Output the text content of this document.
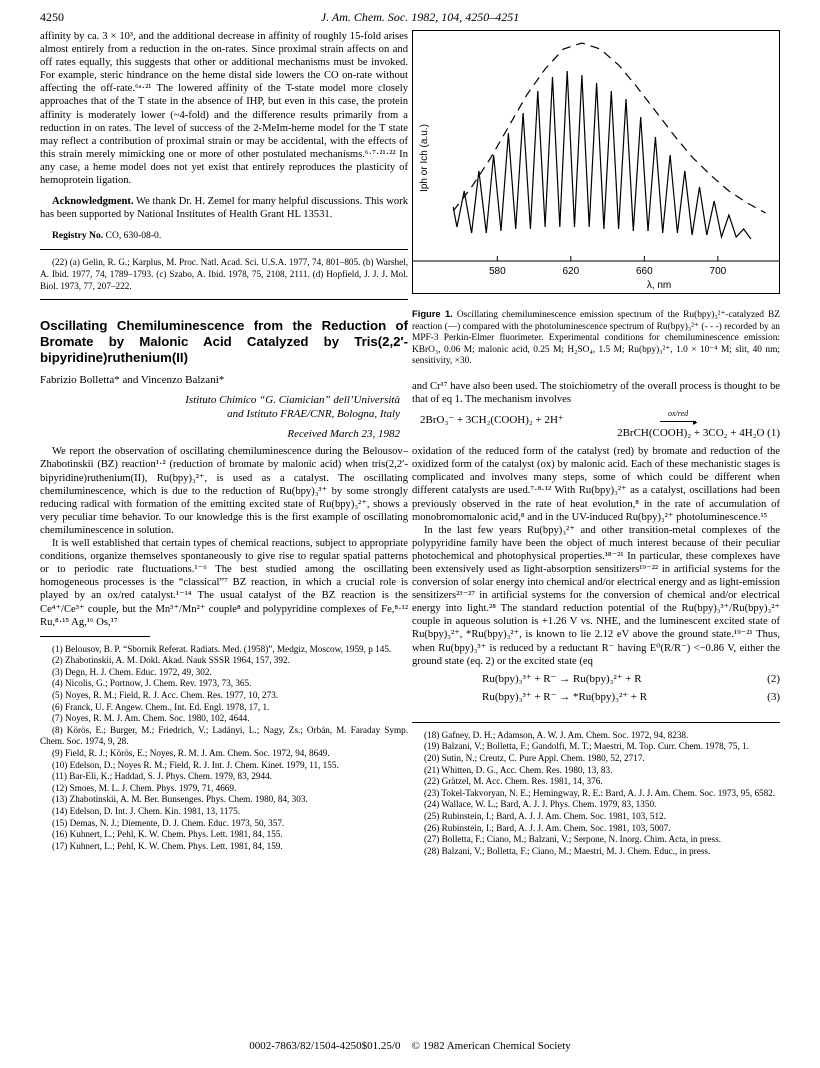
4250	J. Am. Chem. Soc. 1982, 104, 4250–4251

affinity by ca. 3 × 10³, and the additional decrease in affinity of roughly 15-fold arises almost entirely from a reduction in the on-rates. Since proximal strain affects on and off rates equally, this suggests that other or additional mechanisms must be invoked. For example, steric hindrance on the heme distal side lowers the CO on-rate without affecting the off-rate.⁶ᵃ·²¹ The lowered affinity of the T-state model more closely approaches that of the T state in the absence of IHP, but even in this case, the protein affinity is moderately lower (~4-fold) and the difference results primarily from a reduction in on rates. The level of success of the 2-MeIm-heme model for the T state may reflect a contribution of proximal strain or may be accidental, with the effects of this strain merely mimicking one or more of other postulated mechanisms.⁶·⁷·²¹·²² In any case, a heme model does not yet exist that entirely reproduces the plasticity of hemoprotein ligation.

Acknowledgment. We thank Dr. H. Zemel for many helpful discussions. This work has been supported by National Institutes of Health Grant HL 13531.

Registry No. CO, 630-08-0.

(22) (a) Gelin, R. G.; Karplus, M. Proc. Natl. Acad. Sci. U.S.A. 1977, 74, 801–805. (b) Warshel, A. Ibid. 1977, 74, 1789–1793. (c) Szabo, A. Ibid. 1978, 75, 2108, 2111. (d) Hopfield, J. J. J. Mol. Biol. 1973, 77, 207–222.

Oscillating Chemiluminescence from the Reduction of Bromate by Malonic Acid Catalyzed by Tris(2,2′-bipyridine)ruthenium(II)
Fabrizio Bolletta* and Vincenzo Balzani*
Istituto Chimico “G. Ciamician” dell’Università
and Istituto FRAE/CNR, Bologna, Italy
Received March 23, 1982

We report the observation of oscillating chemiluminescence during the Belousov–Zhabotinskii (BZ) reaction¹·² (reduction of bromate by malonic acid) when tris(2,2′-bipyridine)ruthenium(II), Ru(bpy)₃²⁺, is used as a catalyst. The oscillating chemiluminescence, which is due to the reduction of Ru(bpy)₃³⁺ by some strongly reducing radical with formation of the emitting excited state of Ru(bpy)₃²⁺, shows a very peculiar time behavior. To our knowledge this is the first example of oscillating chemiluminescence in solution.

It is well established that certain types of chemical reactions, subject to appropriate conditions, organize themselves spontaneously to give rise to regular spatial patterns or to periodic rate fluctuations.¹⁻⁶ The best studied among the oscillating homogeneous processes is the “classical”⁷ BZ reaction, in which a crucial role is played by an ox/red catalyst.¹⁻¹⁴ The usual catalyst of the BZ reaction is the Ce⁴⁺/Ce³⁺ couple, but the Mn³⁺/Mn²⁺ couple⁸ and polypyridine complexes of Fe,⁸·¹² Ru,⁸·¹⁵ Ag,¹⁶ Os,¹⁷

(1) Belousov, B. P. “Sbornik Referat. Radiats. Med. (1958)”, Medgiz, Moscow, 1959, p 145.

(2) Zhabotinskii, A. M. Dokl. Akad. Nauk SSSR 1964, 157, 392.

(3) Degn, H. J. Chem. Educ. 1972, 49, 302.

(4) Nicolis, G.; Portnow, J. Chem. Rev. 1973, 73, 365.

(5) Noyes, R. M.; Field, R. J. Acc. Chem. Res. 1977, 10, 273.

(6) Franck, U. F. Angew. Chem., Int. Ed. Engl. 1978, 17, 1.

(7) Noyes, R. M. J. Am. Chem. Soc. 1980, 102, 4644.

(8) Körös, E.; Burger, M.; Friedrich, V.; Ladányi, L.; Nagy, Zs.; Orbán, M. Faraday Symp. Chem. Soc. 1974, 9, 28.

(9) Field, R. J.; Körös, E.; Noyes, R. M. J. Am. Chem. Soc. 1972, 94, 8649.

(10) Edelson, D.; Noyes R. M.; Field, R. J. Int. J. Chem. Kinet. 1979, 11, 155.

(11) Bar-Eli, K.; Haddad, S. J. Phys. Chem. 1979, 83, 2944.

(12) Smoes, M. L. J. Chem. Phys. 1979, 71, 4669.

(13) Zhabotinskii, A. M. Ber. Bunsenges. Phys. Chem. 1980, 84, 303.

(14) Edelson, D. Int. J. Chem. Kin. 1981, 13, 1175.

(15) Demas, N. J.; Diemente, D. J. Chem. Educ. 1973, 50, 357.

(16) Kuhnert, L.; Pehl, K. W. Chem. Phys. Lett. 1981, 84, 155.

(17) Kuhnert, L.; Pehl, K. W. Chem. Phys. Lett. 1981, 84, 159.

580	620	660	700
λ, nm
Iph or Ich (a.u.)
Figure 1. Oscillating chemiluminescence emission spectrum of the Ru(bpy)₃²⁺-catalyzed BZ reaction (—) compared with the photoluminescence spectrum of Ru(bpy)₃²⁺ (- - -) recorded by an MPF-3 Perkin-Elmer fluorimeter. Experimental conditions for chemiluminescence emission: KBrO₃, 0.06 M; malonic acid, 0.25 M; H₂SO₄, 1.5 M; Ru(bpy)₃²⁺, 1.0 × 10⁻⁴ M; slit, 40 nm; sensitivity, ×30.

and Cr¹⁷ have also been used. The stoichiometry of the overall process is thought to be that of eq 1. The mechanism involves

2BrO₃⁻ + 3CH₂(COOH)₂ + 2H⁺
ox/red
▸
2BrCH(COOH)₂ + 3CO₂ + 4H₂O (1)

oxidation of the reduced form of the catalyst (red) by bromate and reduction of the oxidized form of the catalyst (ox) by malonic acid. Each of these mechanistic stages is complicated and involves many steps, some of which could be different when different catalysts are used.⁷·⁸·¹² With Ru(bpy)₃²⁺ as a catalyst, oscillations had been previously observed in the rate of heat evolution,⁸ in the rate of accumulation of monobromomalonic acid,⁸ and in the UV-induced Ru(bpy)₃²⁺ photoluminescence.¹⁵

In the last few years Ru(bpy)₃²⁺ and other transition-metal complexes of the polypyridine family have been the object of much interest because of their peculiar photochemical and photophysical properties.¹⁸⁻²¹ In particular, these complexes have been extensively used as light-absorption sensitizers¹⁹⁻²² in artificial systems for the conversion of solar energy into chemical and/or electrical energy and as light-emission sensitizers²³⁻²⁷ in artificial systems for the conversion of chemical and/or electrical energy into light.²⁸ The standard reduction potential of the Ru(bpy)₃³⁺/Ru(bpy)₃²⁺ couple in aqueous solution is +1.26 V vs. NHE, and the luminescent excited state of Ru(bpy)₃²⁺, *Ru(bpy)₃²⁺, is known to lie 2.12 eV above the ground state.¹⁹⁻²¹ Thus, when Ru(bpy)₃³⁺ is reduced by a reductant R⁻ having E⁰(R/R⁻) <−0.86 V, either the ground state (eq. 2) or the excited state (eq

Ru(bpy)₃³⁺ + R⁻ → Ru(bpy)₃²⁺ + R	(2)
Ru(bpy)₃³⁺ + R⁻ → *Ru(bpy)₃²⁺ + R	(3)

(18) Gafney, D. H.; Adamson, A. W. J. Am. Chem. Soc. 1972, 94, 8238.

(19) Balzani, V.; Bolletta, F.; Gandolfi, M. T.; Maestri, M. Top. Curr. Chem. 1978, 75, 1.

(20) Sutin, N.; Creutz, C. Pure Appl. Chem. 1980, 52, 2717.

(21) Whitten, D. G., Acc. Chem. Res. 1980, 13, 83.

(22) Grätzel, M. Acc. Chem. Res. 1981, 14, 376.

(23) Tokel-Takvoryan, N. E.; Hemingway, R. E.: Bard, A. J. J. Am. Chem. Soc. 1973, 95, 6582.

(24) Wallace, W. L.; Bard, A. J. J. Phys. Chem. 1979, 83, 1350.

(25) Rubinstein, I.; Bard, A. J. J. Am. Chem. Soc. 1981, 103, 512.

(26) Rubinstein, I.; Bard, A. J. J. Am. Chem. Soc. 1981, 103, 5007.

(27) Bolletta, F.; Ciano, M.; Balzani, V.; Serpone, N. Inorg. Chim. Acta, in press.

(28) Balzani, V.; Bolletta, F.; Ciano, M.; Maestri, M. J. Chem. Educ., in press.

0002-7863/82/1504-4250$01.25/0 © 1982 American Chemical Society
